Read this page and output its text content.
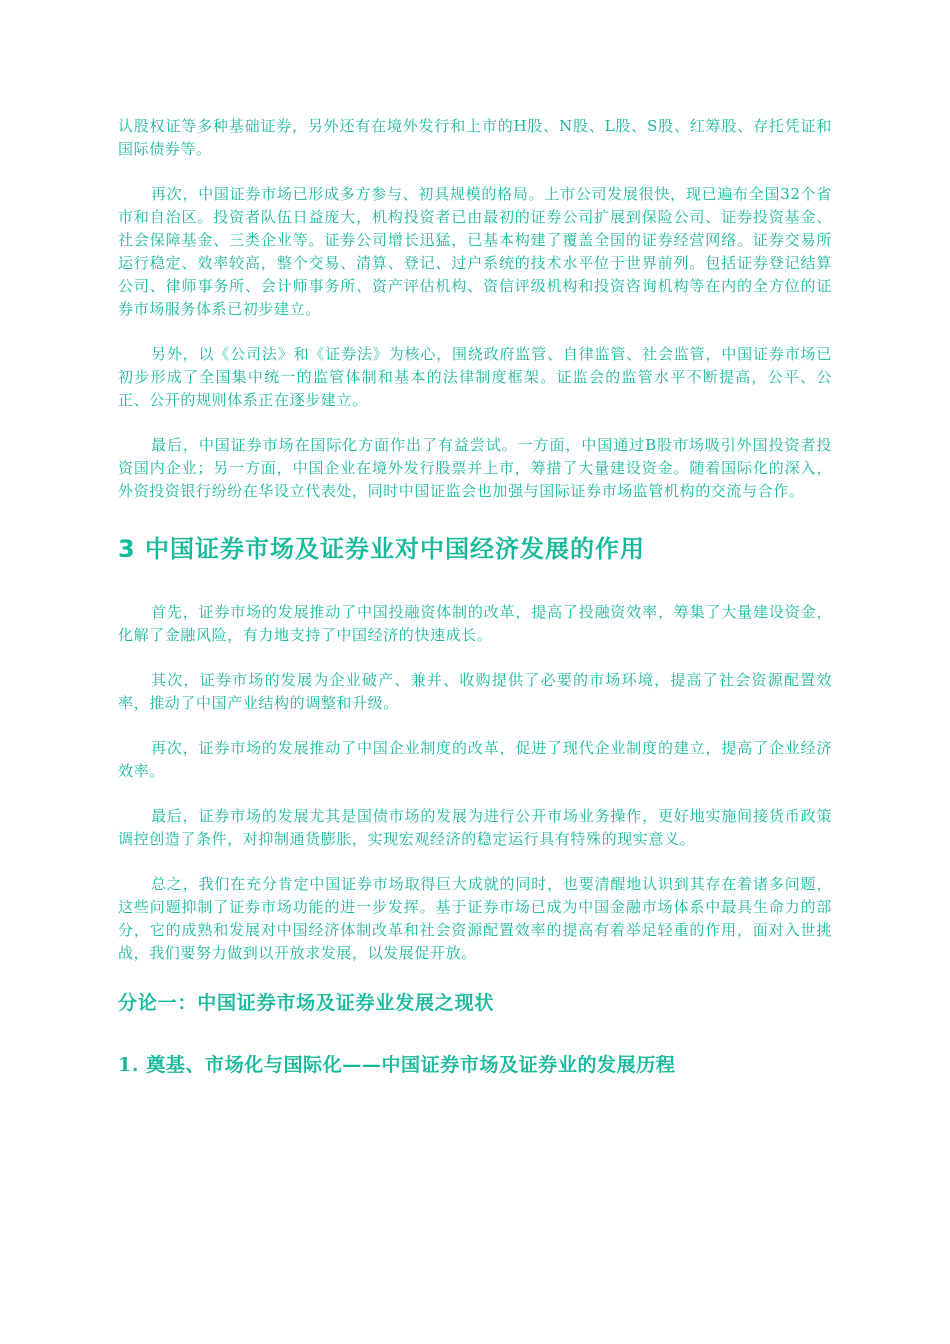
认股权证等多种基础证券，另外还有在境外发行和上市的H股、N股、L股、S股、红筹股、存托凭证和国际债券等。

再次，中国证券市场已形成多方参与、初具规模的格局。上市公司发展很快，现已遍布全国32个省市和自治区。投资者队伍日益庞大，机构投资者已由最初的证券公司扩展到保险公司、证券投资基金、社会保障基金、三类企业等。证券公司增长迅猛，已基本构建了覆盖全国的证券经营网络。证券交易所运行稳定、效率较高，整个交易、清算、登记、过户系统的技术水平位于世界前列。包括证券登记结算公司、律师事务所、会计师事务所、资产评估机构、资信评级机构和投资咨询机构等在内的全方位的证券市场服务体系已初步建立。

另外，以《公司法》和《证券法》为核心，围绕政府监管、自律监管、社会监管，中国证券市场已初步形成了全国集中统一的监管体制和基本的法律制度框架。证监会的监管水平不断提高，公平、公正、公开的规则体系正在逐步建立。

最后，中国证券市场在国际化方面作出了有益尝试。一方面，中国通过B股市场吸引外国投资者投资国内企业；另一方面，中国企业在境外发行股票并上市，筹措了大量建设资金。随着国际化的深入，外资投资银行纷纷在华设立代表处，同时中国证监会也加强与国际证券市场监管机构的交流与合作。

3 中国证券市场及证券业对中国经济发展的作用

首先，证券市场的发展推动了中国投融资体制的改革，提高了投融资效率，筹集了大量建设资金，化解了金融风险，有力地支持了中国经济的快速成长。

其次，证券市场的发展为企业破产、兼并、收购提供了必要的市场环境，提高了社会资源配置效率，推动了中国产业结构的调整和升级。

再次，证券市场的发展推动了中国企业制度的改革，促进了现代企业制度的建立，提高了企业经济效率。

最后，证券市场的发展尤其是国债市场的发展为进行公开市场业务操作，更好地实施间接货币政策调控创造了条件，对抑制通货膨胀，实现宏观经济的稳定运行具有特殊的现实意义。

总之，我们在充分肯定中国证券市场取得巨大成就的同时，也要清醒地认识到其存在着诸多问题，这些问题抑制了证券市场功能的进一步发挥。基于证券市场已成为中国金融市场体系中最具生命力的部分，它的成熟和发展对中国经济体制改革和社会资源配置效率的提高有着举足轻重的作用，面对入世挑战，我们要努力做到以开放求发展，以发展促开放。

分论一：中国证券市场及证券业发展之现状
1. 奠基、市场化与国际化——中国证券市场及证券业的发展历程
